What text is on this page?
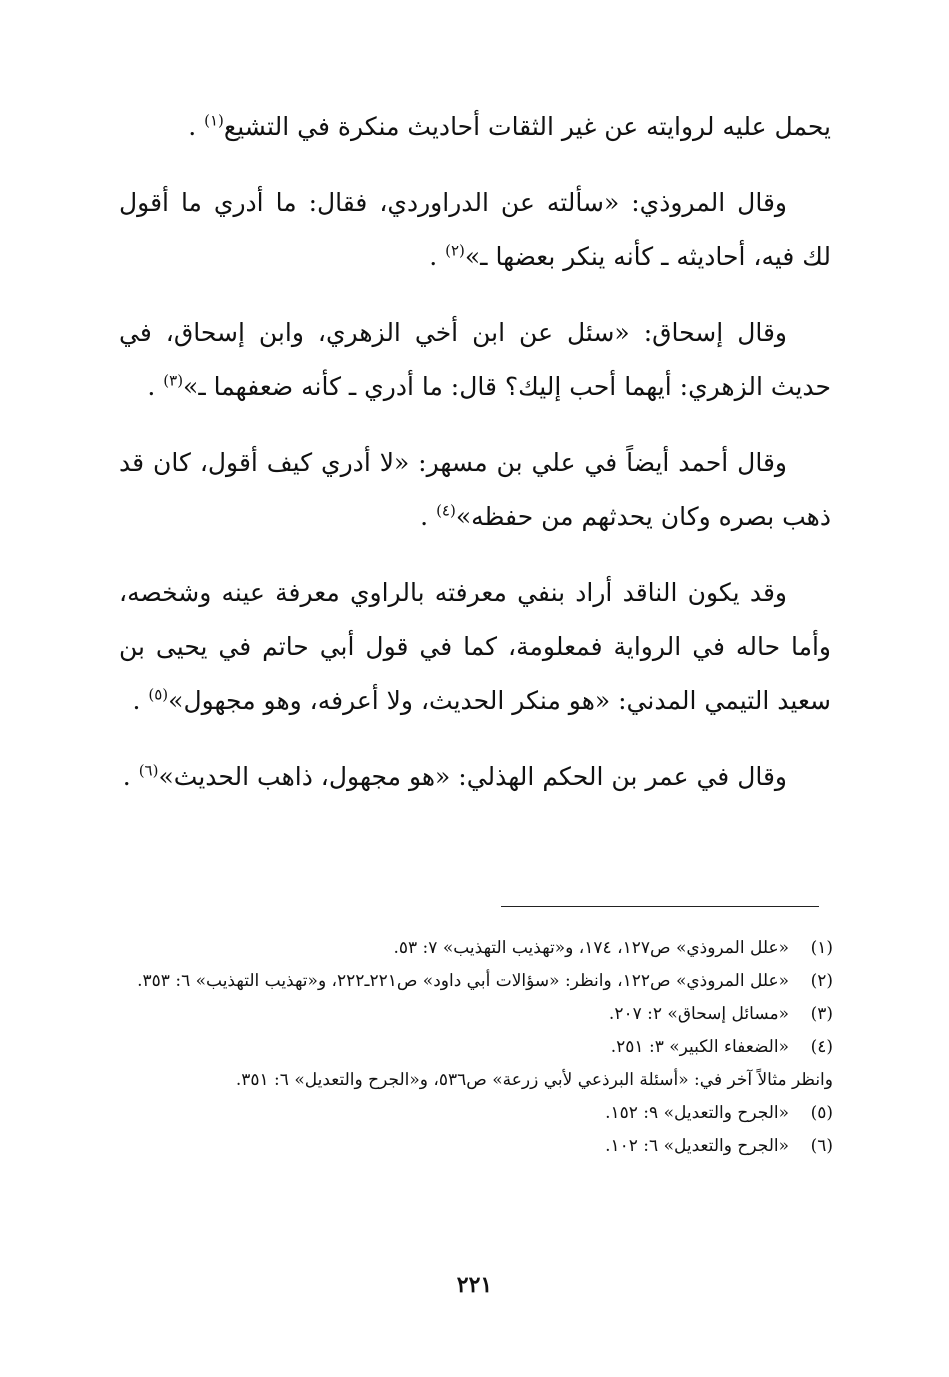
يحمل عليه لروايته عن غير الثقات أحاديث منكرة في التشيع$^{(١)}$ .

وقال المروذي: «سألته عن الدراوردي، فقال: ما أدري ما أقول لك فيه، أحاديثه ـ كأنه ينكر بعضها ـ»$^{(٢)}$ .

وقال إسحاق: «سئل عن ابن أخي الزهري، وابن إسحاق، في حديث الزهري: أيهما أحب إليك؟ قال: ما أدري ـ كأنه ضعفهما ـ»$^{(٣)}$ .

وقال أحمد أيضاً في علي بن مسهر: «لا أدري كيف أقول، كان قد ذهب بصره وكان يحدثهم من حفظه»$^{(٤)}$ .

وقد يكون الناقد أراد بنفي معرفته بالراوي معرفة عينه وشخصه، وأما حاله في الرواية فمعلومة، كما في قول أبي حاتم في يحيى بن سعيد التيمي المدني: «هو منكر الحديث، ولا أعرفه، وهو مجهول»$^{(٥)}$ .

وقال في عمر بن الحكم الهذلي: «هو مجهول، ذاهب الحديث»$^{(٦)}$ .

(١)
«علل المروذي» ص١٢٧، ١٧٤، و«تهذيب التهذيب» ٧: ٥٣.
(٢)
«علل المروذي» ص١٢٢، وانظر: «سؤالات أبي داود» ص٢٢١ـ٢٢٢، و«تهذيب التهذيب» ٦: ٣٥٣.
(٣)
«مسائل إسحاق» ٢: ٢٠٧.
(٤)
«الضعفاء الكبير» ٣: ٢٥١.
وانظر مثالاً آخر في: «أسئلة البرذعي لأبي زرعة» ص٥٣٦، و«الجرح والتعديل» ٦: ٣٥١.
(٥)
«الجرح والتعديل» ٩: ١٥٢.
(٦)
«الجرح والتعديل» ٦: ١٠٢.
٢٢١
